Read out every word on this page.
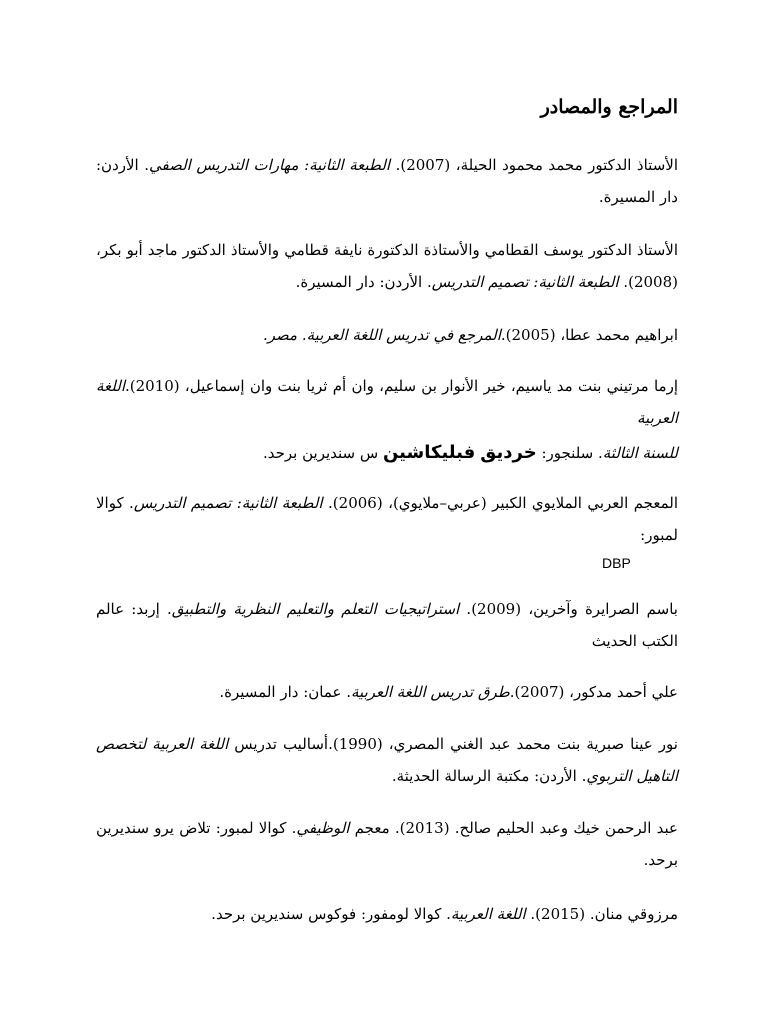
المراجع والمصادر
الأستاذ الدكتور محمد محمود الحيلة، (2007). الطبعة الثانية: مهارات التدريس الصفي. الأردن: دار المسيرة.
الأستاذ الدكتور يوسف القطامي والأستاذة الدكتورة نايفة قطامي والأستاذ الدكتور ماجد أبو بكر، (2008). الطبعة الثانية: تصميم التدريس. الأردن: دار المسيرة.
ابراهيم محمد عطا، (2005).المرجع في تدريس اللغة العربية. مصر.
إرما مرتيني بنت مد ياسيم، خير الأنوار بن سليم، وان أم ثريا بنت وان إسماعيل، (2010).اللغة العربية
للسنة الثالثة. سلنجور: خرديق فبليكاشين س سنديرين برحد.
المعجم العربي الملايوي الكبير (عربي–ملايوي)، (2006). الطبعة الثانية: تصميم التدريس. كوالا لمبور:
DBP
باسم الصرايرة وآخرين، (2009). استراتيجيات التعلم والتعليم النظرية والتطبيق. إربد: عالم الكتب الحديث
علي أحمد مدكور، (2007).طرق تدريس اللغة العربية. عمان: دار المسيرة.
نور عينا صبرية بنت محمد عبد الغني المصري، (1990).أساليب تدريس اللغة العربية لتخصص التاهيل التربوي. الأردن: مكتبة الرسالة الحديثة.
عبد الرحمن خيك وعبد الحليم صالح. (2013). معجم الوظيفي. كوالا لمبور: تلاض يرو سنديرين برحد.
مرزوقي منان. (2015). اللغة العربية. كوالا لومفور: فوكوس سنديرين برحد.
